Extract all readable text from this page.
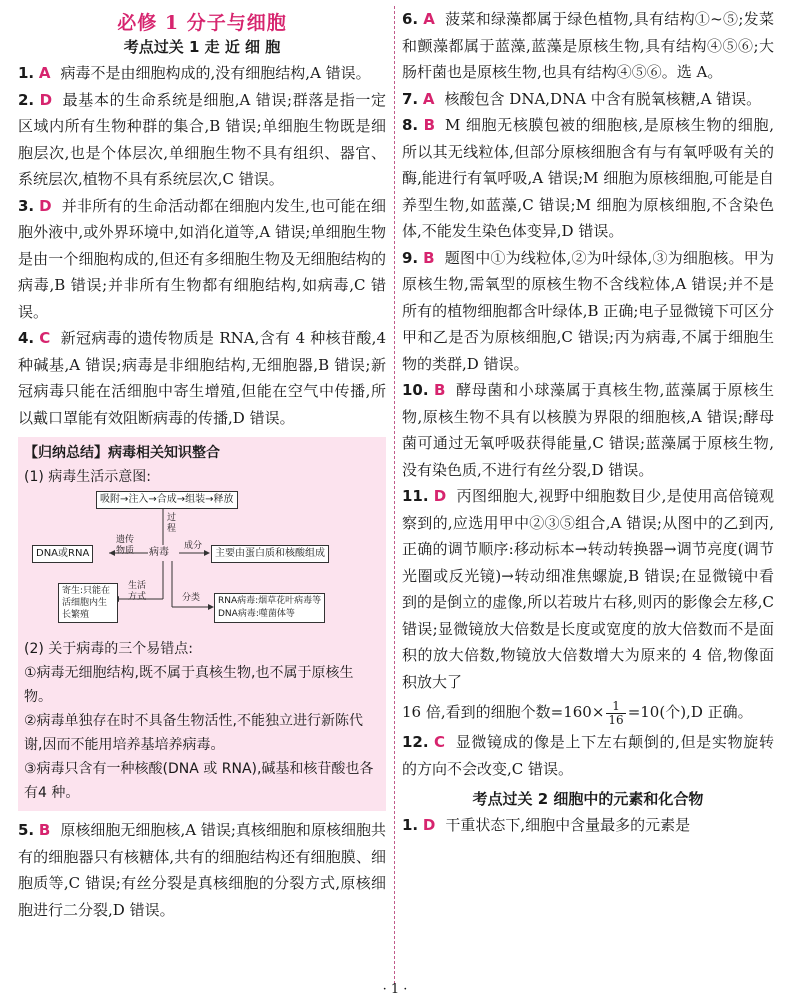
必修 1 分子与细胞
考点过关 1 走 近 细 胞

1. A 病毒不是由细胞构成的,没有细胞结构,A 错误。

2. D 最基本的生命系统是细胞,A 错误;群落是指一定区域内所有生物种群的集合,B 错误;单细胞生物既是细胞层次,也是个体层次,单细胞生物不具有组织、器官、系统层次,植物不具有系统层次,C 错误。

3. D 并非所有的生命活动都在细胞内发生,也可能在细胞外液中,或外界环境中,如消化道等,A 错误;单细胞生物是由一个细胞构成的,但还有多细胞生物及无细胞结构的病毒,B 错误;并非所有生物都有细胞结构,如病毒,C 错误。

4. C 新冠病毒的遗传物质是 RNA,含有 4 种核苷酸,4 种碱基,A 错误;病毒是非细胞结构,无细胞器,B 错误;新冠病毒只能在活细胞中寄生增殖,但能在空气中传播,所以戴口罩能有效阻断病毒的传播,D 错误。

【归纳总结】病毒相关知识整合

(1) 病毒生活示意图:

吸附→注入→合成→组装→释放
过程
DNA或RNA
遗传物质	病毒
成分
主要由蛋白质和核酸组成
寄生:只能在活细胞内生长繁殖
生活方式	分类 RNA病毒:烟草花叶病毒等
DNA病毒:噬菌体等

(2) 关于病毒的三个易错点:

①病毒无细胞结构,既不属于真核生物,也不属于原核生物。

②病毒单独存在时不具备生物活性,不能独立进行新陈代谢,因而不能用培养基培养病毒。

③病毒只含有一种核酸(DNA 或 RNA),碱基和核苷酸也各有4 种。

5. B 原核细胞无细胞核,A 错误;真核细胞和原核细胞共有的细胞器只有核糖体,共有的细胞结构还有细胞膜、细胞质等,C 错误;有丝分裂是真核细胞的分裂方式,原核细胞进行二分裂,D 错误。

6. A 菠菜和绿藻都属于绿色植物,具有结构①~⑤;发菜和颤藻都属于蓝藻,蓝藻是原核生物,具有结构④⑤⑥;大肠杆菌也是原核生物,也具有结构④⑤⑥。选 A。

7. A 核酸包含 DNA,DNA 中含有脱氧核糖,A 错误。

8. B M 细胞无核膜包被的细胞核,是原核生物的细胞,所以其无线粒体,但部分原核细胞含有与有氧呼吸有关的酶,能进行有氧呼吸,A 错误;M 细胞为原核细胞,可能是自养型生物,如蓝藻,C 错误;M 细胞为原核细胞,不含染色体,不能发生染色体变异,D 错误。

9. B 题图中①为线粒体,②为叶绿体,③为细胞核。甲为原核生物,需氧型的原核生物不含线粒体,A 错误;并不是所有的植物细胞都含叶绿体,B 正确;电子显微镜下可区分甲和乙是否为原核细胞,C 错误;丙为病毒,不属于细胞生物的类群,D 错误。

10. B 酵母菌和小球藻属于真核生物,蓝藻属于原核生物,原核生物不具有以核膜为界限的细胞核,A 错误;酵母菌可通过无氧呼吸获得能量,C 错误;蓝藻属于原核生物,没有染色质,不进行有丝分裂,D 错误。

11. D 丙图细胞大,视野中细胞数目少,是使用高倍镜观察到的,应选用甲中②③⑤组合,A 错误;从图中的乙到丙,正确的调节顺序:移动标本→转动转换器→调节亮度(调节光圈或反光镜)→转动细准焦螺旋,B 错误;在显微镜中看到的是倒立的虚像,所以若玻片右移,则丙的影像会左移,C 错误;显微镜放大倍数是长度或宽度的放大倍数而不是面积的放大倍数,物镜放大倍数增大为原来的 4 倍,物像面积放大了

16 倍,看到的细胞个数$=160\times \frac{1}{16} =10$(个),D 正确。

12. C 显微镜成的像是上下左右颠倒的,但是实物旋转的方向不会改变,C 错误。

考点过关 2 细胞中的元素和化合物

1. D 干重状态下,细胞中含量最多的元素是

· 1 ·
